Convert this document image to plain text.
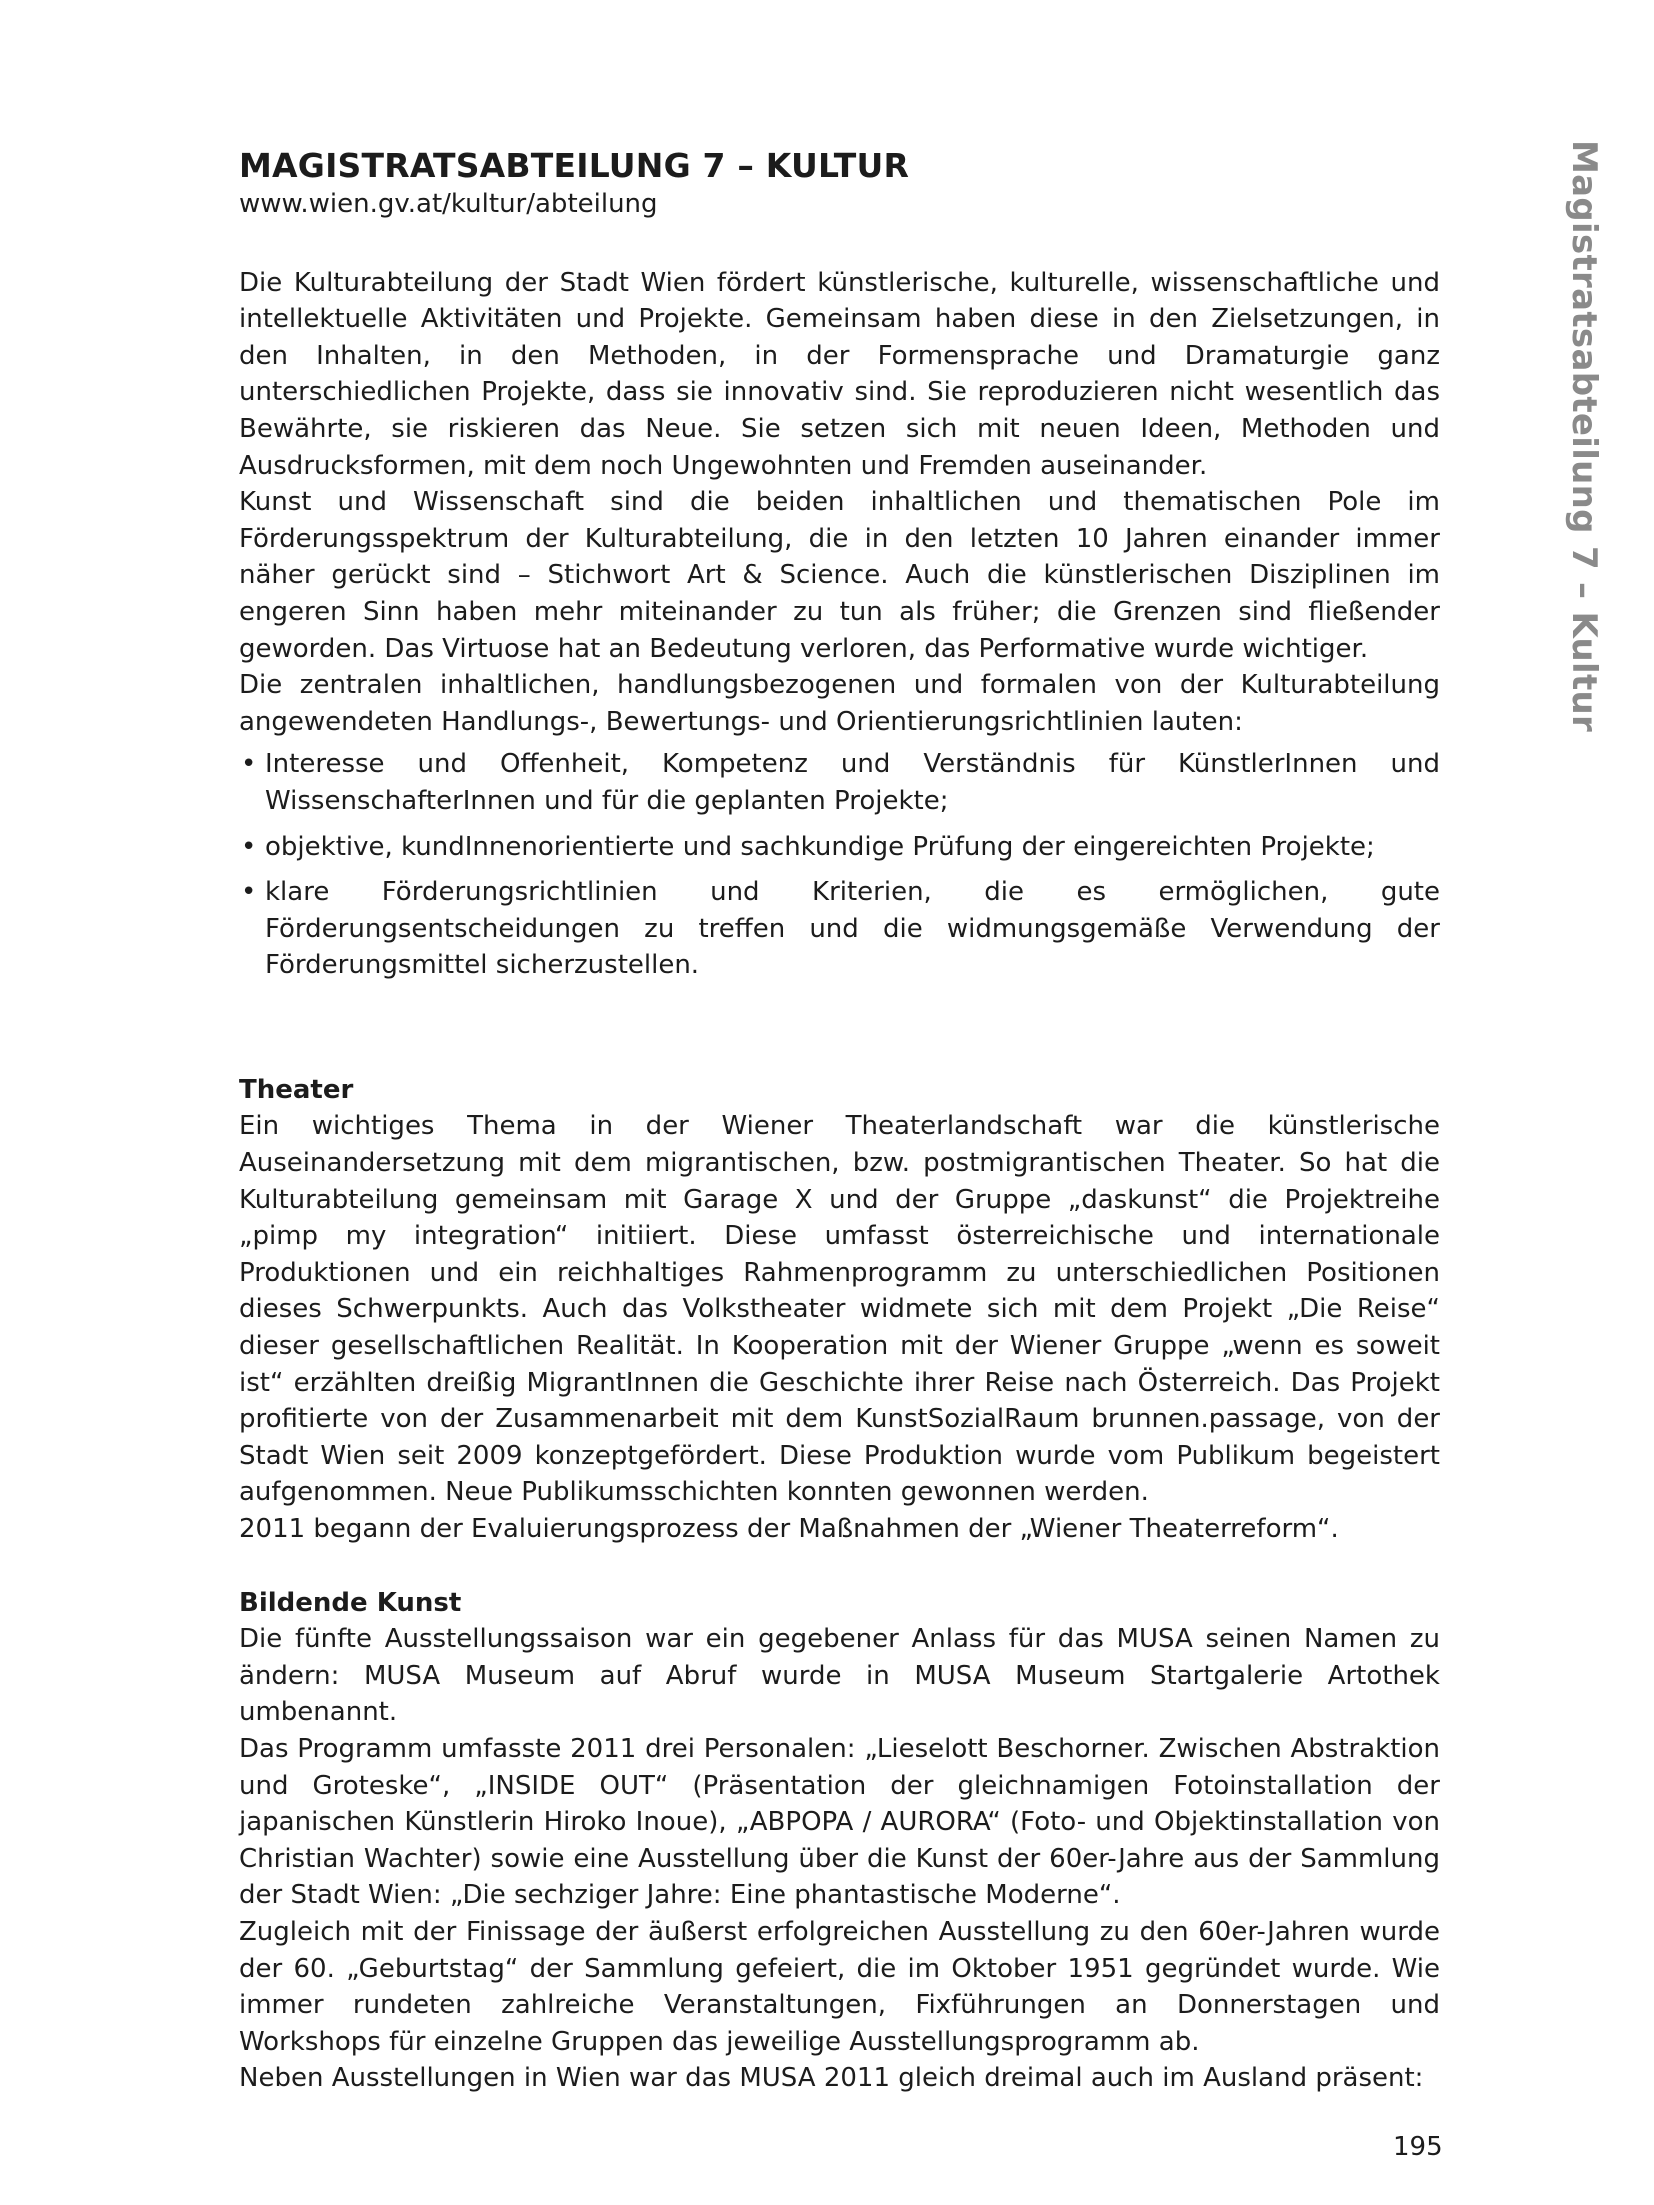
MAGISTRATSABTEILUNG 7 – KULTUR
www.wien.gv.at/kultur/abteilung

Die Kulturabteilung der Stadt Wien fördert künstlerische, kulturelle, wissenschaftliche und intellektuelle Aktivitäten und Projekte. Gemeinsam haben diese in den Zielsetzungen, in den Inhalten, in den Methoden, in der Formensprache und Dramaturgie ganz unterschiedlichen Projekte, dass sie innovativ sind. Sie reproduzieren nicht wesentlich das Bewährte, sie riskieren das Neue. Sie setzen sich mit neuen Ideen, Methoden und Ausdrucksformen, mit dem noch Ungewohnten und Fremden auseinander.

Kunst und Wissenschaft sind die beiden inhaltlichen und thematischen Pole im Förderungsspektrum der Kulturabteilung, die in den letzten 10 Jahren einander immer näher gerückt sind – Stichwort Art & Science. Auch die künstlerischen Disziplinen im engeren Sinn haben mehr miteinander zu tun als früher; die Grenzen sind fließender geworden. Das Virtuose hat an Bedeutung verloren, das Performative wurde wichtiger.

Die zentralen inhaltlichen, handlungsbezogenen und formalen von der Kulturabteilung angewendeten Handlungs-, Bewertungs- und Orientierungsrichtlinien lauten:

• Interesse und Offenheit, Kompetenz und Verständnis für KünstlerInnen und WissenschafterInnen und für die geplanten Projekte;
• objektive, kundInnenorientierte und sachkundige Prüfung der eingereichten Projekte;
• klare Förderungsrichtlinien und Kriterien, die es ermöglichen, gute Förderungsentscheidungen zu treffen und die widmungsgemäße Verwendung der Förderungsmittel sicherzustellen.
Theater

Ein wichtiges Thema in der Wiener Theaterlandschaft war die künstlerische Auseinandersetzung mit dem migrantischen, bzw. postmigrantischen Theater. So hat die Kulturabteilung gemeinsam mit Garage X und der Gruppe „daskunst“ die Projektreihe „pimp my integration“ initiiert. Diese umfasst österreichische und internationale Produktionen und ein reichhaltiges Rahmenprogramm zu unterschiedlichen Positionen dieses Schwerpunkts. Auch das Volkstheater widmete sich mit dem Projekt „Die Reise“ dieser gesellschaftlichen Realität. In Kooperation mit der Wiener Gruppe „wenn es soweit ist“ erzählten dreißig MigrantInnen die Geschichte ihrer Reise nach Österreich. Das Projekt profitierte von der Zusammenarbeit mit dem KunstSozialRaum brunnen.passage, von der Stadt Wien seit 2009 konzeptgefördert. Diese Produktion wurde vom Publikum begeistert aufgenommen. Neue Publikumsschichten konnten gewonnen werden.

2011 begann der Evaluierungsprozess der Maßnahmen der „Wiener Theaterreform“.

Bildende Kunst

Die fünfte Ausstellungssaison war ein gegebener Anlass für das MUSA seinen Namen zu ändern: MUSA Museum auf Abruf wurde in MUSA Museum Startgalerie Artothek umbenannt.

Das Programm umfasste 2011 drei Personalen: „Lieselott Beschorner. Zwischen Abstraktion und Groteske“, „INSIDE OUT“ (Präsentation der gleichnamigen Fotoinstallation der japanischen Künstlerin Hiroko Inoue), „ABPOPA / AURORA“ (Foto- und Objektinstallation von Christian Wachter) sowie eine Ausstellung über die Kunst der 60er-Jahre aus der Sammlung der Stadt Wien: „Die sechziger Jahre: Eine phantastische Moderne“.

Zugleich mit der Finissage der äußerst erfolgreichen Ausstellung zu den 60er-Jahren wurde der 60. „Geburtstag“ der Sammlung gefeiert, die im Oktober 1951 gegründet wurde. Wie immer rundeten zahlreiche Veranstaltungen, Fixführungen an Donnerstagen und Workshops für einzelne Gruppen das jeweilige Ausstellungsprogramm ab.

Neben Ausstellungen in Wien war das MUSA 2011 gleich dreimal auch im Ausland präsent:

Magistratsabteilung 7 – Kultur
195
